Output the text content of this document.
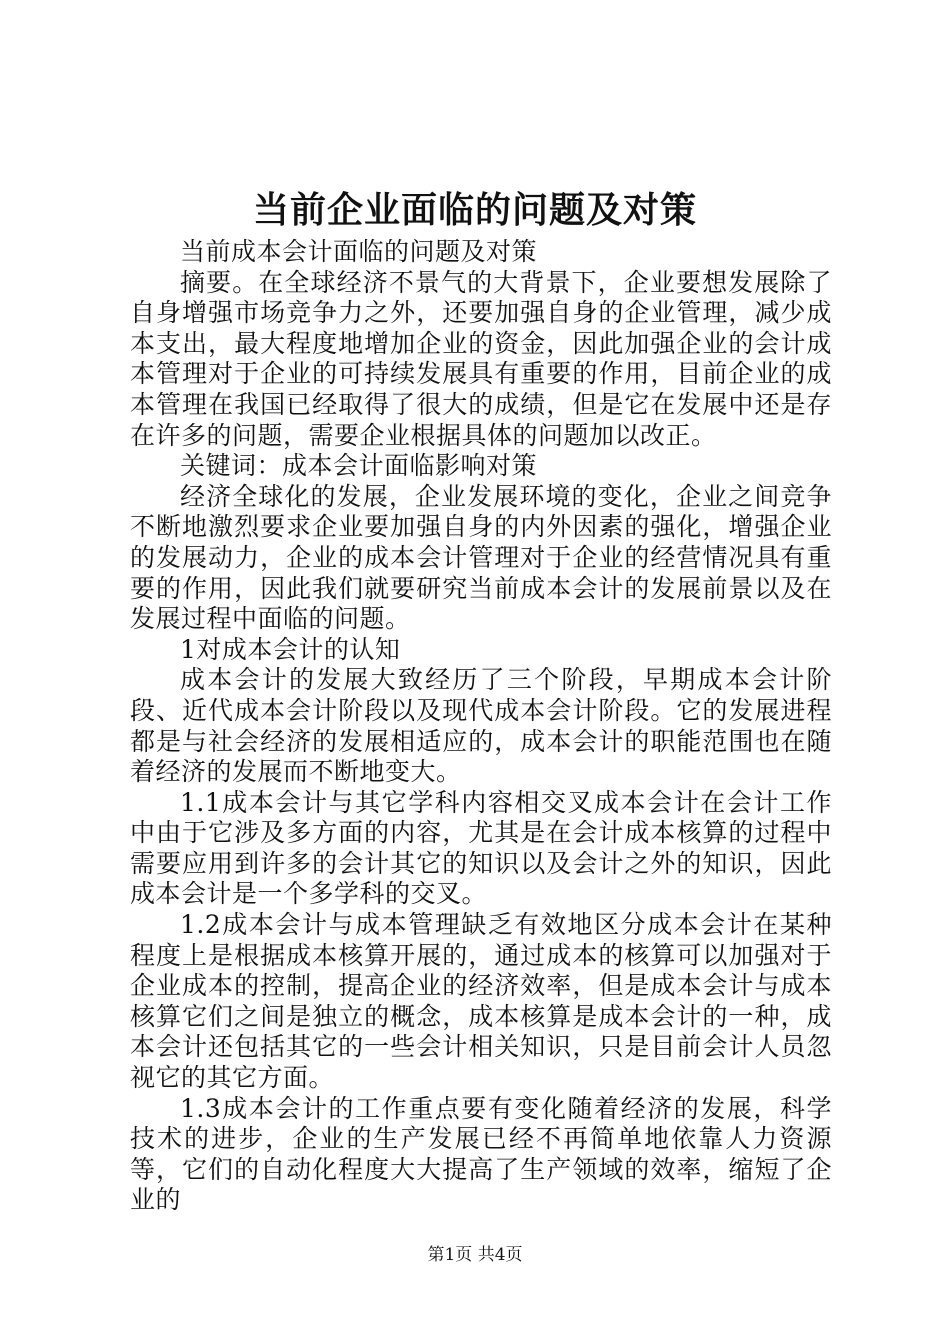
当前企业面临的问题及对策

当前成本会计面临的问题及对策

摘要。在全球经济不景气的大背景下，企业要想发展除了自身增强市场竞争力之外，还要加强自身的企业管理，减少成本支出，最大程度地增加企业的资金，因此加强企业的会计成本管理对于企业的可持续发展具有重要的作用，目前企业的成本管理在我国已经取得了很大的成绩，但是它在发展中还是存在许多的问题，需要企业根据具体的问题加以改正。

关键词：成本会计面临影响对策

经济全球化的发展，企业发展环境的变化，企业之间竞争不断地激烈要求企业要加强自身的内外因素的强化，增强企业的发展动力，企业的成本会计管理对于企业的经营情况具有重要的作用，因此我们就要研究当前成本会计的发展前景以及在发展过程中面临的问题。

1对成本会计的认知

成本会计的发展大致经历了三个阶段，早期成本会计阶段、近代成本会计阶段以及现代成本会计阶段。它的发展进程都是与社会经济的发展相适应的，成本会计的职能范围也在随着经济的发展而不断地变大。

1.1成本会计与其它学科内容相交叉成本会计在会计工作中由于它涉及多方面的内容，尤其是在会计成本核算的过程中需要应用到许多的会计其它的知识以及会计之外的知识，因此成本会计是一个多学科的交叉。

1.2成本会计与成本管理缺乏有效地区分成本会计在某种程度上是根据成本核算开展的，通过成本的核算可以加强对于企业成本的控制，提高企业的经济效率，但是成本会计与成本核算它们之间是独立的概念，成本核算是成本会计的一种，成本会计还包括其它的一些会计相关知识，只是目前会计人员忽视它的其它方面。

1.3成本会计的工作重点要有变化随着经济的发展，科学技术的进步，企业的生产发展已经不再简单地依靠人力资源等，它们的自动化程度大大提高了生产领域的效率，缩短了企业的

第1页 共4页
